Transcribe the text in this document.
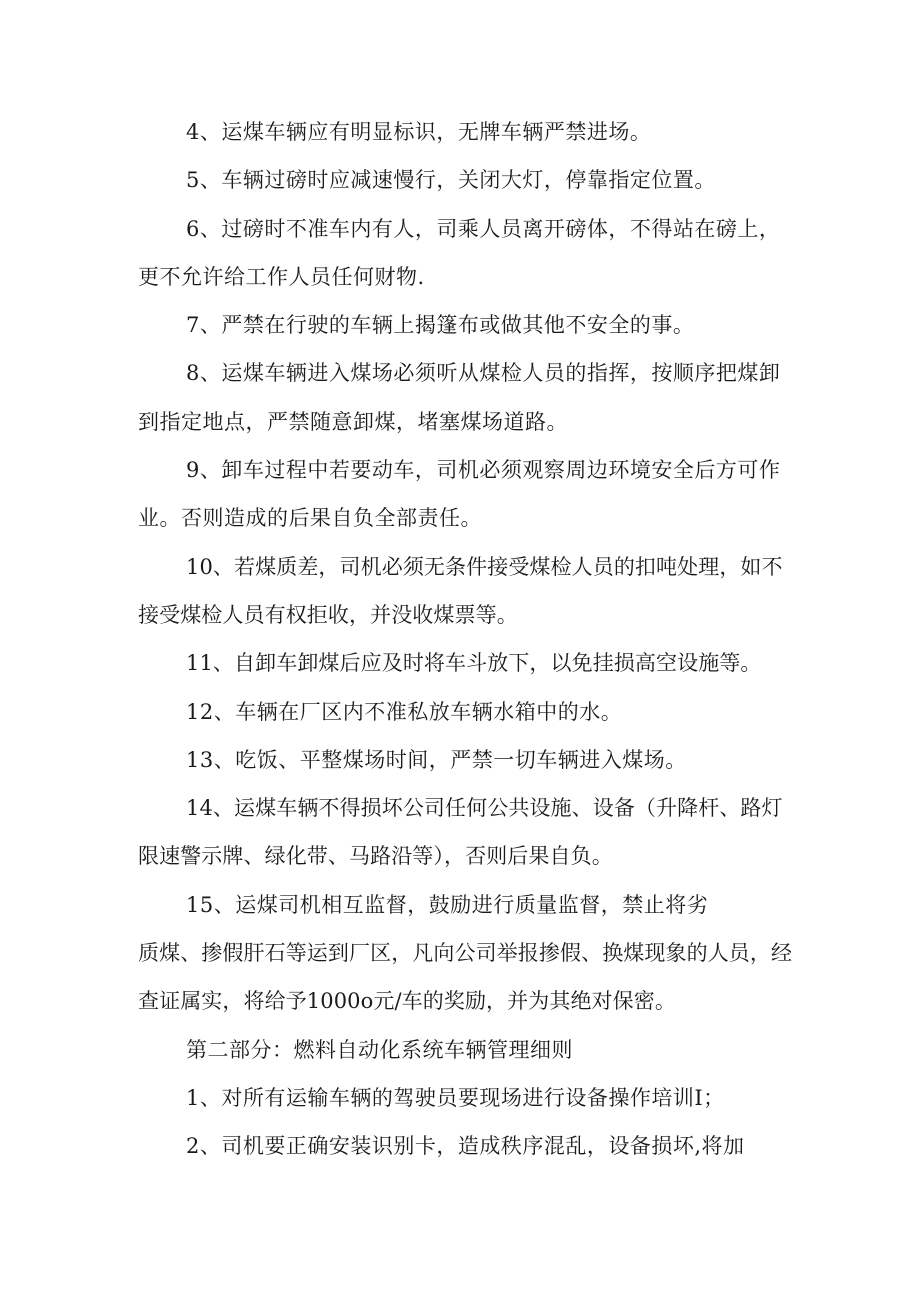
4、运煤车辆应有明显标识，无牌车辆严禁进场。

5、车辆过磅时应减速慢行，关闭大灯，停靠指定位置。

6、过磅时不准车内有人，司乘人员离开磅体，不得站在磅上，更不允许给工作人员任何财物.

7、严禁在行驶的车辆上揭篷布或做其他不安全的事。

8、运煤车辆进入煤场必须听从煤检人员的指挥，按顺序把煤卸到指定地点，严禁随意卸煤，堵塞煤场道路。

9、卸车过程中若要动车，司机必须观察周边环境安全后方可作业。否则造成的后果自负全部责任。

10、若煤质差，司机必须无条件接受煤检人员的扣吨处理，如不接受煤检人员有权拒收，并没收煤票等。

11、自卸车卸煤后应及时将车斗放下，以免挂损高空设施等。

12、车辆在厂区内不准私放车辆水箱中的水。

13、吃饭、平整煤场时间，严禁一切车辆进入煤场。

14、运煤车辆不得损坏公司任何公共设施、设备（升降杆、路灯限速警示牌、绿化带、马路沿等），否则后果自负。

15、运煤司机相互监督，鼓励进行质量监督，禁止将劣

质煤、掺假肝石等运到厂区，凡向公司举报掺假、换煤现象的人员，经查证属实，将给予1000o元/车的奖励，并为其绝对保密。

第二部分：燃料自动化系统车辆管理细则

1、对所有运输车辆的驾驶员要现场进行设备操作培训I；

2、司机要正确安装识别卡，造成秩序混乱，设备损坏,将加
